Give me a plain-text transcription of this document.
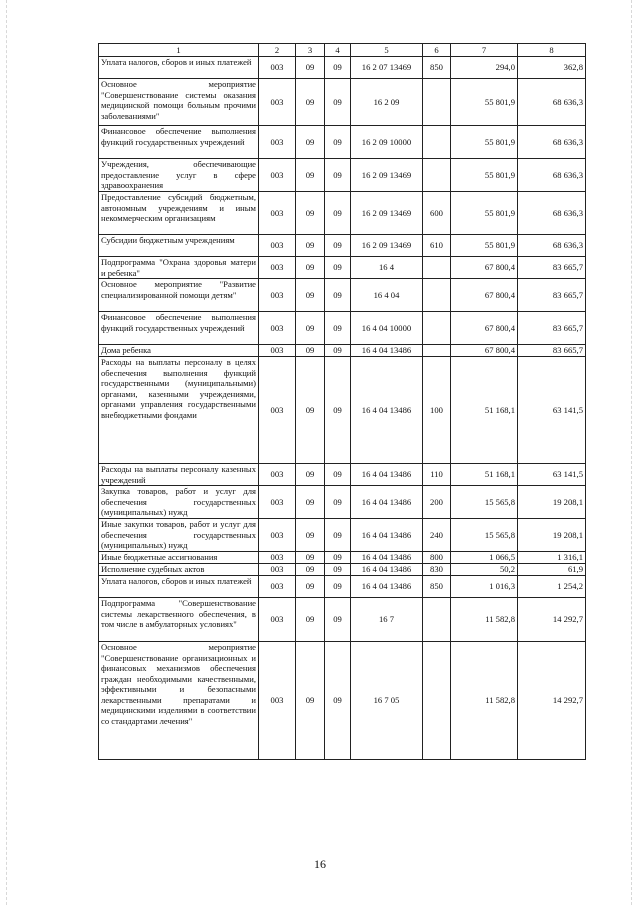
1	2	3	4	5	6	7	8
Уплата налогов, сборов и иных платежей	003	09	09	16 2 07 13469	850	294,0	362,8
Основное мероприятие "Совершенствование системы оказания медицинской помощи больным прочими заболеваниями"	003	09	09	16 2 09		55 801,9	68 636,3
Финансовое обеспечение выполнения функций государственных учреждений	003	09	09	16 2 09 10000		55 801,9	68 636,3
Учреждения, обеспечивающие предоставление услуг в сфере здравоохранения	003	09	09	16 2 09 13469		55 801,9	68 636,3
Предоставление субсидий бюджетным, автономным учреждениям и иным некоммерческим организациям	003	09	09	16 2 09 13469	600	55 801,9	68 636,3
Субсидии бюджетным учреждениям	003	09	09	16 2 09 13469	610	55 801,9	68 636,3
Подпрограмма "Охрана здоровья матери и ребенка"	003	09	09	16 4		67 800,4	83 665,7
Основное мероприятие "Развитие специализированной помощи детям"	003	09	09	16 4 04		67 800,4	83 665,7
Финансовое обеспечение выполнения функций государственных учреждений	003	09	09	16 4 04 10000		67 800,4	83 665,7
Дома ребенка	003	09	09	16 4 04 13486		67 800,4	83 665,7
Расходы на выплаты персоналу в целях обеспечения выполнения функций государственными (муниципальными) органами, казенными учреждениями, органами управления государственными внебюджетными фондами	003	09	09	16 4 04 13486	100	51 168,1	63 141,5
Расходы на выплаты персоналу казенных учреждений	003	09	09	16 4 04 13486	110	51 168,1	63 141,5
Закупка товаров, работ и услуг для обеспечения государственных (муниципальных) нужд	003	09	09	16 4 04 13486	200	15 565,8	19 208,1
Иные закупки товаров, работ и услуг для обеспечения государственных (муниципальных) нужд	003	09	09	16 4 04 13486	240	15 565,8	19 208,1
Иные бюджетные ассигнования	003	09	09	16 4 04 13486	800	1 066,5	1 316,1
Исполнение судебных актов	003	09	09	16 4 04 13486	830	50,2	61,9
Уплата налогов, сборов и иных платежей	003	09	09	16 4 04 13486	850	1 016,3	1 254,2
Подпрограмма "Совершенствование системы лекарственного обеспечения, в том числе в амбулаторных условиях"	003	09	09	16 7		11 582,8	14 292,7
Основное мероприятие "Совершенствование организационных и финансовых механизмов обеспечения граждан необходимыми качественными, эффективными и безопасными лекарственными препаратами и медицинскими изделиями в соответствии со стандартами лечения"	003	09	09	16 7 05		11 582,8	14 292,7
16
